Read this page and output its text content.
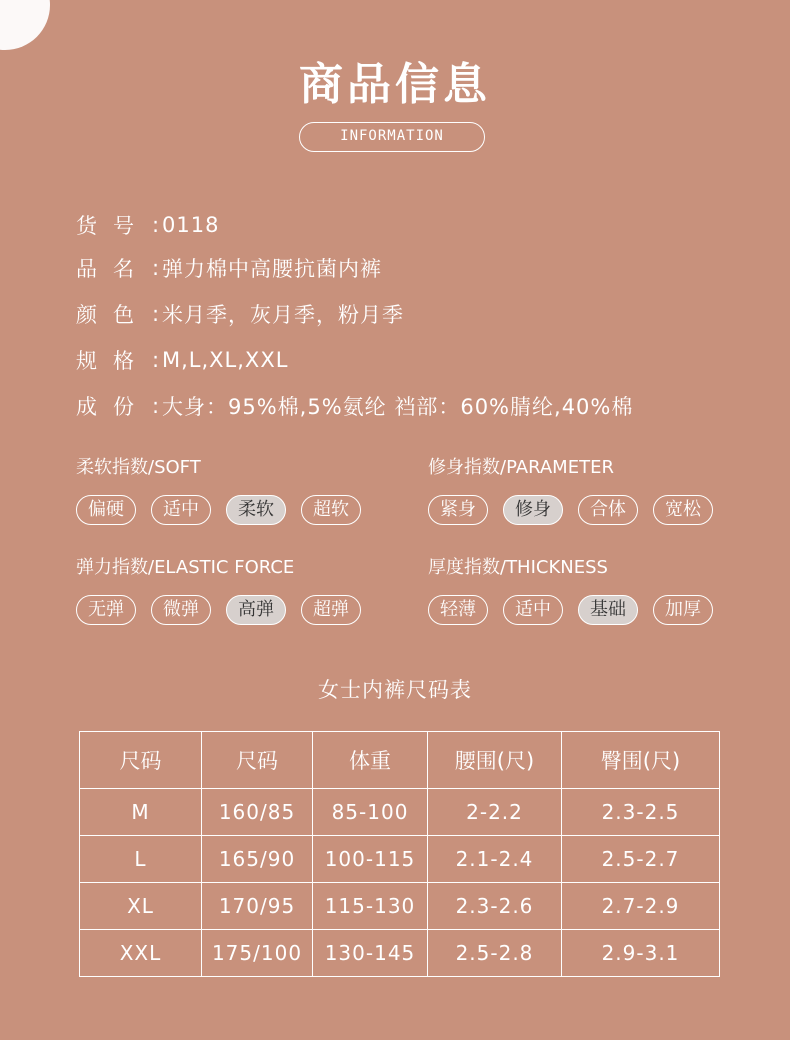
商品信息
INFORMATION
货号 : 0118
品名 : 弹力棉中高腰抗菌内裤
颜色 : 米月季，灰月季，粉月季
规格 : M,L,XL,XXL
成份 : 大身：95%棉,5%氨纶 裆部：60%腈纶,40%棉
柔软指数/SOFT
偏硬	适中	柔软	超软
修身指数/PARAMETER
紧身	修身	合体	宽松
弹力指数/ELASTIC FORCE
无弹	微弹	高弹	超弹
厚度指数/THICKNESS
轻薄	适中	基础	加厚
女士内裤尺码表
尺码	尺码	体重	腰围(尺)	臀围(尺)
M	160/85	85-100	2-2.2	2.3-2.5
L	165/90	100-115	2.1-2.4	2.5-2.7
XL	170/95	115-130	2.3-2.6	2.7-2.9
XXL	175/100	130-145	2.5-2.8	2.9-3.1
